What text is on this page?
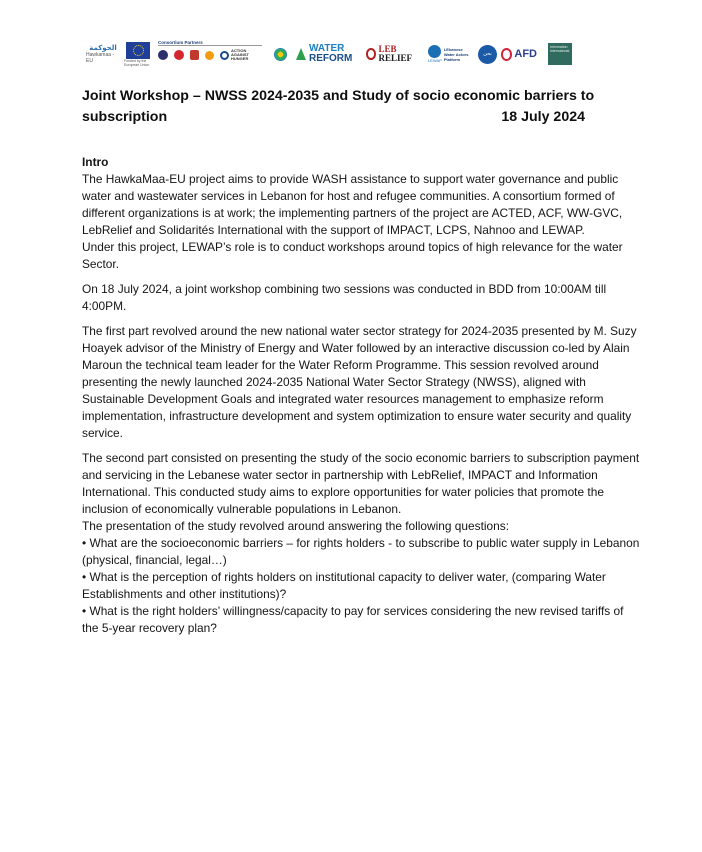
الحوكمة
Hawkamaa - EU	Funded by the European Union
Consortium Partners
ACTION AGAINST HUNGER
WATER
REFORM
LEB
RELIEF	LEWAP
LEbanese Water Actors Platform
نحن	AFD
Information International
Joint Workshop – NWSS 2024-2035 and Study of socio economic barriers to
subscription	18 July 2024

Intro

The HawkaMaa-EU project aims to provide WASH assistance to support water governance and public water and wastewater services in Lebanon for host and refugee communities. A consortium formed of different organizations is at work; the implementing partners of the project are ACTED, ACF, WW-GVC, LebRelief and Solidarités International with the support of IMPACT, LCPS, Nahnoo and LEWAP.

Under this project, LEWAP’s role is to conduct workshops around topics of high relevance for the water Sector.

On 18 July 2024, a joint workshop combining two sessions was conducted in BDD from 10:00AM till 4:00PM.

The first part revolved around the new national water sector strategy for 2024-2035 presented by M. Suzy Hoayek advisor of the Ministry of Energy and Water followed by an interactive discussion co-led by Alain Maroun the technical team leader for the Water Reform Programme. This session revolved around presenting the newly launched 2024-2035 National Water Sector Strategy (NWSS), aligned with Sustainable Development Goals and integrated water resources management to emphasize reform implementation, infrastructure development and system optimization to ensure water security and quality service.

The second part consisted on presenting the study of the socio economic barriers to subscription payment and servicing in the Lebanese water sector in partnership with LebRelief, IMPACT and Information International. This conducted study aims to explore opportunities for water policies that promote the inclusion of economically vulnerable populations in Lebanon.

The presentation of the study revolved around answering the following questions:

• What are the socioeconomic barriers – for rights holders - to subscribe to public water supply in Lebanon (physical, financial, legal…)

• What is the perception of rights holders on institutional capacity to deliver water, (comparing Water Establishments and other institutions)?

• What is the right holders’ willingness/capacity to pay for services considering the new revised tariffs of the 5-year recovery plan?
